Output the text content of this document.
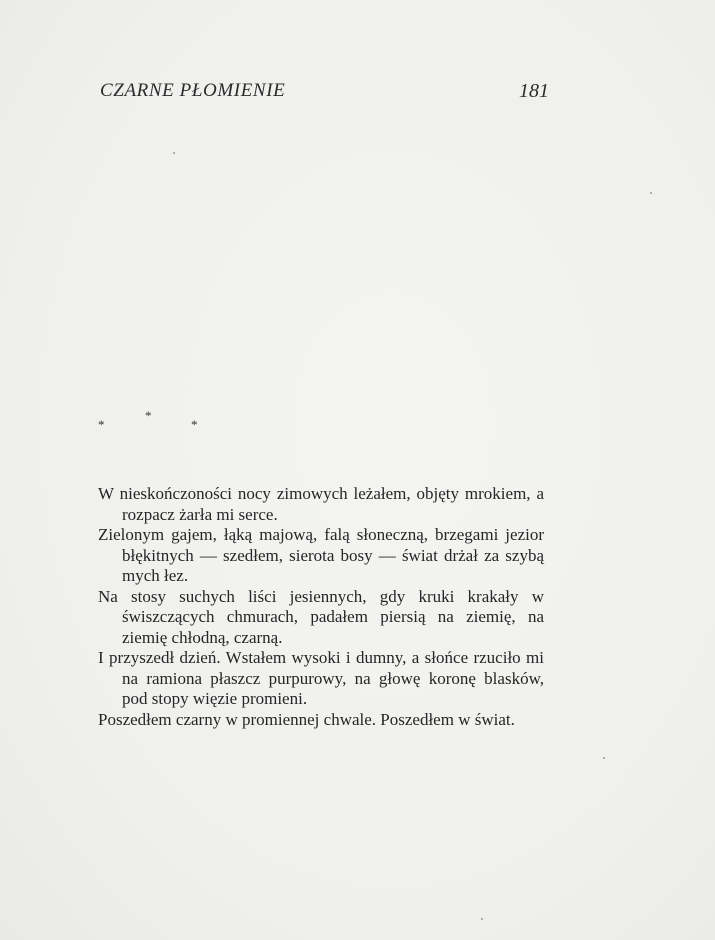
CZARNE PŁOMIENIE	181
*
*
*

W nieskończoności nocy zimowych leżałem, objęty mrokiem, a rozpacz żarła mi serce.

Zielonym gajem, łąką majową, falą słoneczną, brzegami jezior błękitnych — szedłem, sierota bosy — świat drżał za szybą mych łez.

Na stosy suchych liści jesiennych, gdy kruki krakały w świszczących chmurach, padałem piersią na ziemię, na ziemię chłodną, czarną.

I przyszedł dzień. Wstałem wysoki i dumny, a słońce rzuciło mi na ramiona płaszcz purpurowy, na głowę koronę blasków, pod stopy więzie promieni.

Poszedłem czarny w promiennej chwale. Poszedłem w świat.
